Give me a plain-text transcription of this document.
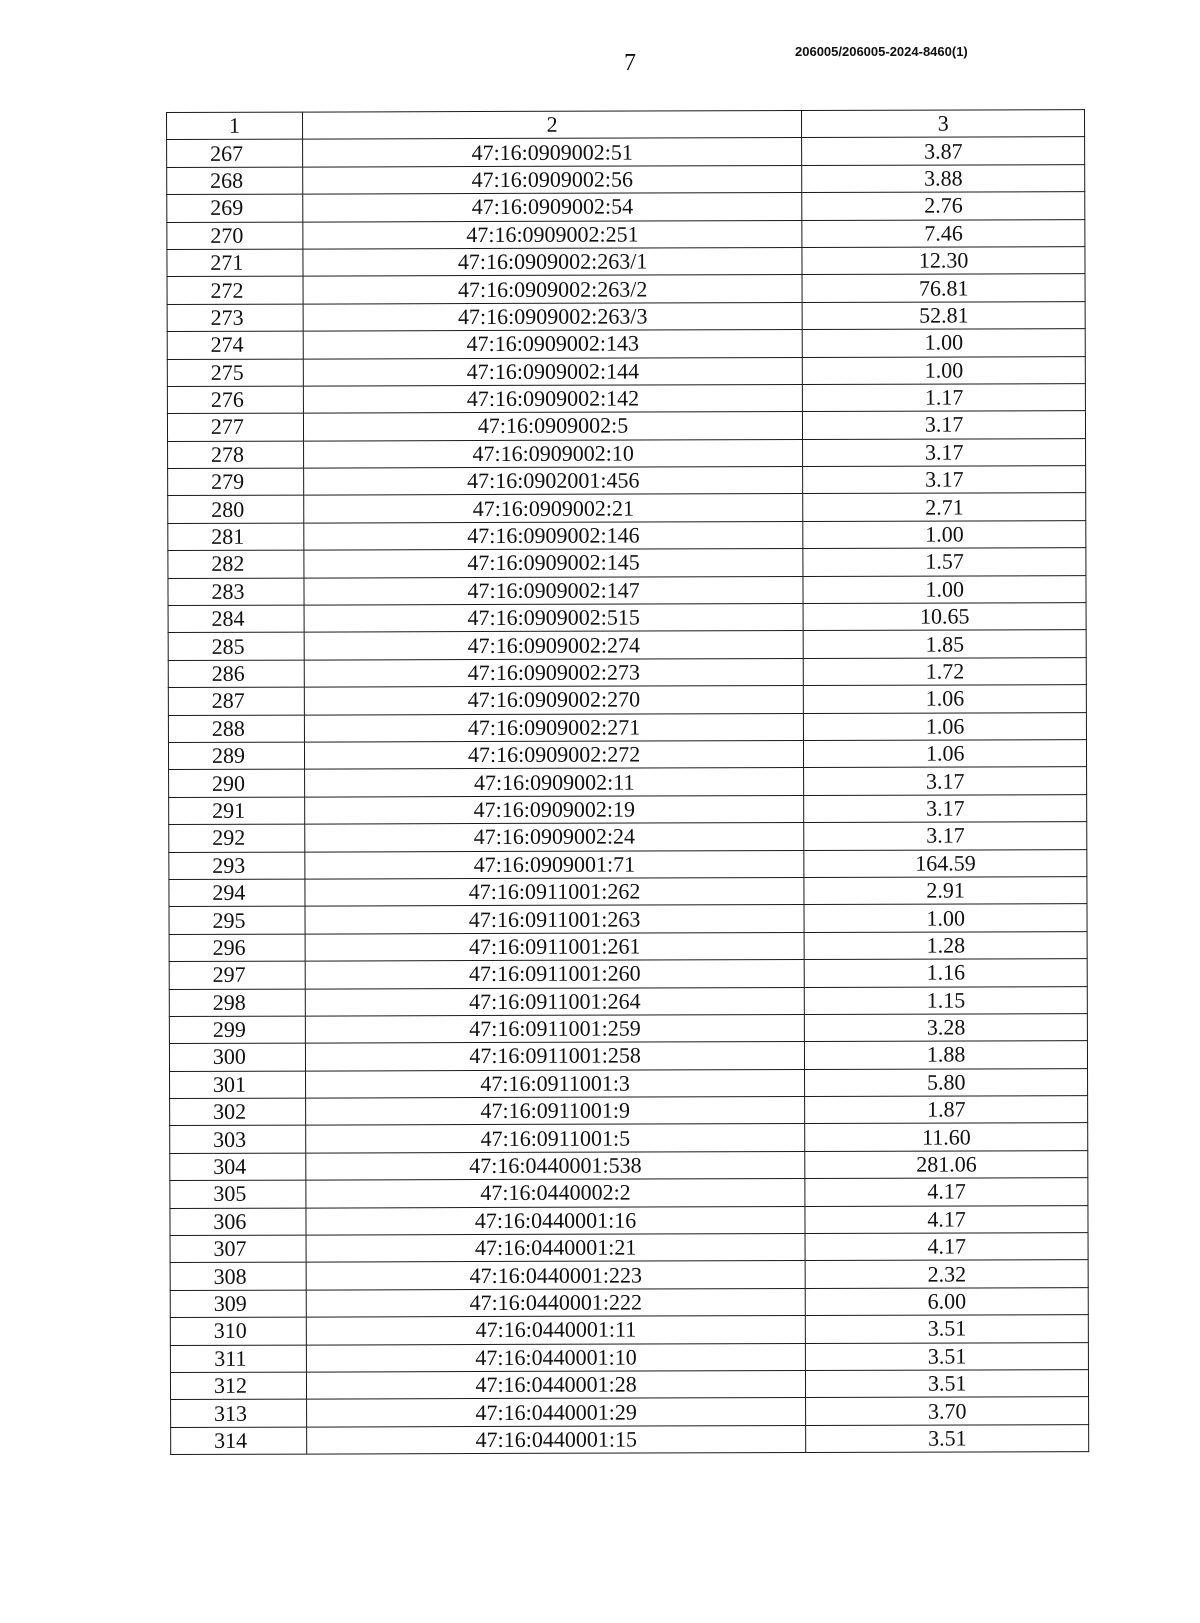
7	206005/206005-2024-8460(1)
1	2	3
267	47:16:0909002:51	3.87
268	47:16:0909002:56	3.88
269	47:16:0909002:54	2.76
270	47:16:0909002:251	7.46
271	47:16:0909002:263/1	12.30
272	47:16:0909002:263/2	76.81
273	47:16:0909002:263/3	52.81
274	47:16:0909002:143	1.00
275	47:16:0909002:144	1.00
276	47:16:0909002:142	1.17
277	47:16:0909002:5	3.17
278	47:16:0909002:10	3.17
279	47:16:0902001:456	3.17
280	47:16:0909002:21	2.71
281	47:16:0909002:146	1.00
282	47:16:0909002:145	1.57
283	47:16:0909002:147	1.00
284	47:16:0909002:515	10.65
285	47:16:0909002:274	1.85
286	47:16:0909002:273	1.72
287	47:16:0909002:270	1.06
288	47:16:0909002:271	1.06
289	47:16:0909002:272	1.06
290	47:16:0909002:11	3.17
291	47:16:0909002:19	3.17
292	47:16:0909002:24	3.17
293	47:16:0909001:71	164.59
294	47:16:0911001:262	2.91
295	47:16:0911001:263	1.00
296	47:16:0911001:261	1.28
297	47:16:0911001:260	1.16
298	47:16:0911001:264	1.15
299	47:16:0911001:259	3.28
300	47:16:0911001:258	1.88
301	47:16:0911001:3	5.80
302	47:16:0911001:9	1.87
303	47:16:0911001:5	11.60
304	47:16:0440001:538	281.06
305	47:16:0440002:2	4.17
306	47:16:0440001:16	4.17
307	47:16:0440001:21	4.17
308	47:16:0440001:223	2.32
309	47:16:0440001:222	6.00
310	47:16:0440001:11	3.51
311	47:16:0440001:10	3.51
312	47:16:0440001:28	3.51
313	47:16:0440001:29	3.70
314	47:16:0440001:15	3.51
